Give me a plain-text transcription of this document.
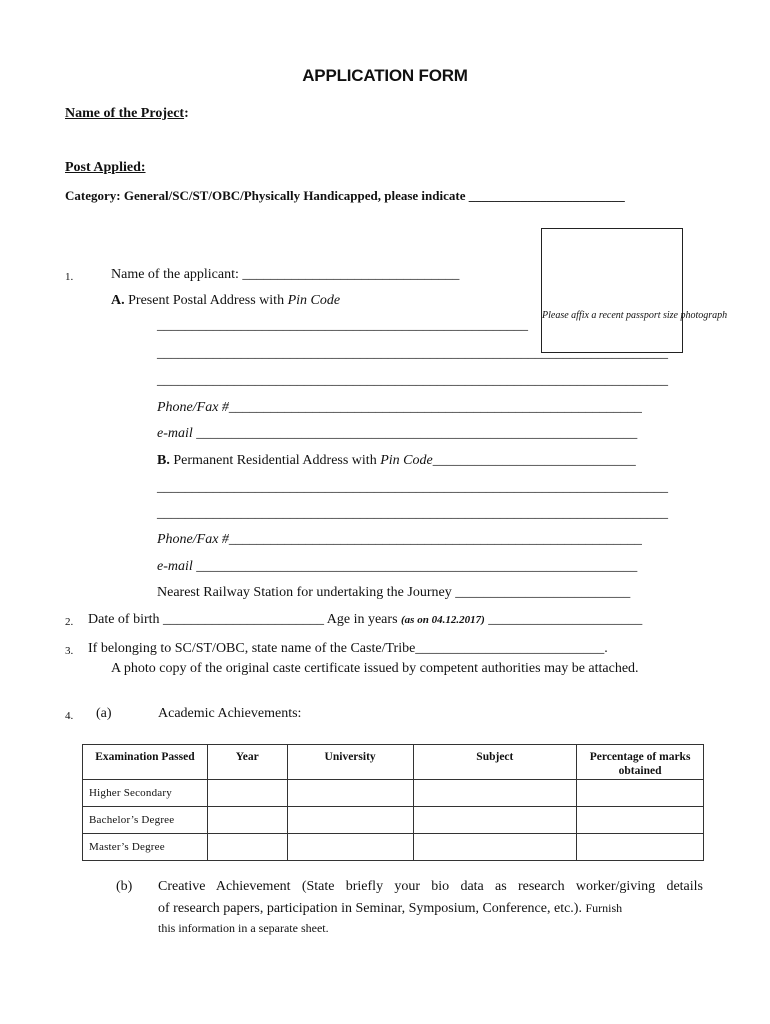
APPLICATION FORM
Name of the Project:
Post Applied:
Category: General/SC/ST/OBC/Physically Handicapped, please indicate ________________________
Please affix a recent passport size photograph
1.	Name of the applicant: _______________________________
A. Present Postal Address with Pin Code
_____________________________________________________
_________________________________________________________________________
_________________________________________________________________________
Phone/Fax #___________________________________________________________
e-mail _______________________________________________________________
B. Permanent Residential Address with Pin Code_____________________________
_________________________________________________________________________
_________________________________________________________________________
Phone/Fax #___________________________________________________________
e-mail _______________________________________________________________
Nearest Railway Station for undertaking the Journey _________________________
2. Date of birth _______________________ Age in years (as on 04.12.2017) ______________________
3. If belonging to SC/ST/OBC, state name of the Caste/Tribe___________________________.
A photo copy of the original caste certificate issued by competent authorities may be attached.
4. (a)	Academic Achievements:
Examination Passed	Year	University	Subject	Percentage of marks obtained
Higher Secondary				
Bachelor’s Degree				
Master’s Degree				
(b) Creative Achievement (State briefly your bio data as research worker/giving details
of research papers, participation in Seminar, Symposium, Conference, etc.). Furnish
this information in a separate sheet.
